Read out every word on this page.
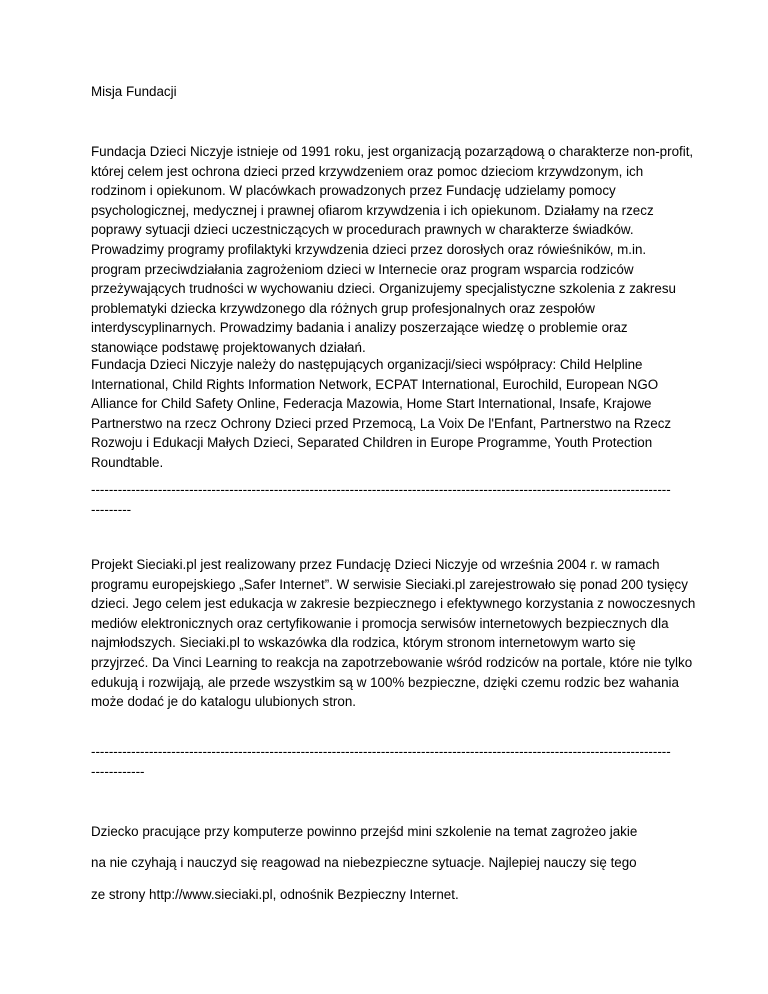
Misja Fundacji
Fundacja Dzieci Niczyje istnieje od 1991 roku, jest organizacją pozarządową o charakterze non-profit,
której celem jest ochrona dzieci przed krzywdzeniem oraz pomoc dzieciom krzywdzonym, ich
rodzinom i opiekunom. W placówkach prowadzonych przez Fundację udzielamy pomocy
psychologicznej, medycznej i prawnej ofiarom krzywdzenia i ich opiekunom. Działamy na rzecz
poprawy sytuacji dzieci uczestniczących w procedurach prawnych w charakterze świadków.
Prowadzimy programy profilaktyki krzywdzenia dzieci przez dorosłych oraz rówieśników, m.in.
program przeciwdziałania zagrożeniom dzieci w Internecie oraz program wsparcia rodziców
przeżywających trudności w wychowaniu dzieci. Organizujemy specjalistyczne szkolenia z zakresu
problematyki dziecka krzywdzonego dla różnych grup profesjonalnych oraz zespołów
interdyscyplinarnych. Prowadzimy badania i analizy poszerzające wiedzę o problemie oraz
stanowiące podstawę projektowanych działań.
Fundacja Dzieci Niczyje należy do następujących organizacji/sieci współpracy: Child Helpline
International, Child Rights Information Network, ECPAT International, Eurochild, European NGO
Alliance for Child Safety Online, Federacja Mazowia, Home Start International, Insafe, Krajowe
Partnerstwo na rzecz Ochrony Dzieci przed Przemocą, La Voix De l'Enfant, Partnerstwo na Rzecz
Rozwoju i Edukacji Małych Dzieci, Separated Children in Europe Programme, Youth Protection
Roundtable.
----------------------------------------------------------------------------------------------------------------------------------
---------
Projekt Sieciaki.pl jest realizowany przez Fundację Dzieci Niczyje od września 2004 r. w ramach
programu europejskiego „Safer Internet”. W serwisie Sieciaki.pl zarejestrowało się ponad 200 tysięcy
dzieci. Jego celem jest edukacja w zakresie bezpiecznego i efektywnego korzystania z nowoczesnych
mediów elektronicznych oraz certyfikowanie i promocja serwisów internetowych bezpiecznych dla
najmłodszych. Sieciaki.pl to wskazówka dla rodzica, którym stronom internetowym warto się
przyjrzeć. Da Vinci Learning to reakcja na zapotrzebowanie wśród rodziców na portale, które nie tylko
edukują i rozwijają, ale przede wszystkim są w 100% bezpieczne, dzięki czemu rodzic bez wahania
może dodać je do katalogu ulubionych stron.
----------------------------------------------------------------------------------------------------------------------------------
------------
Dziecko pracujące przy komputerze powinno przejśd mini szkolenie na temat zagrożeo jakie
na nie czyhają i nauczyd się reagowad na niebezpieczne sytuacje. Najlepiej nauczy się tego
ze strony http://www.sieciaki.pl, odnośnik Bezpieczny Internet.
